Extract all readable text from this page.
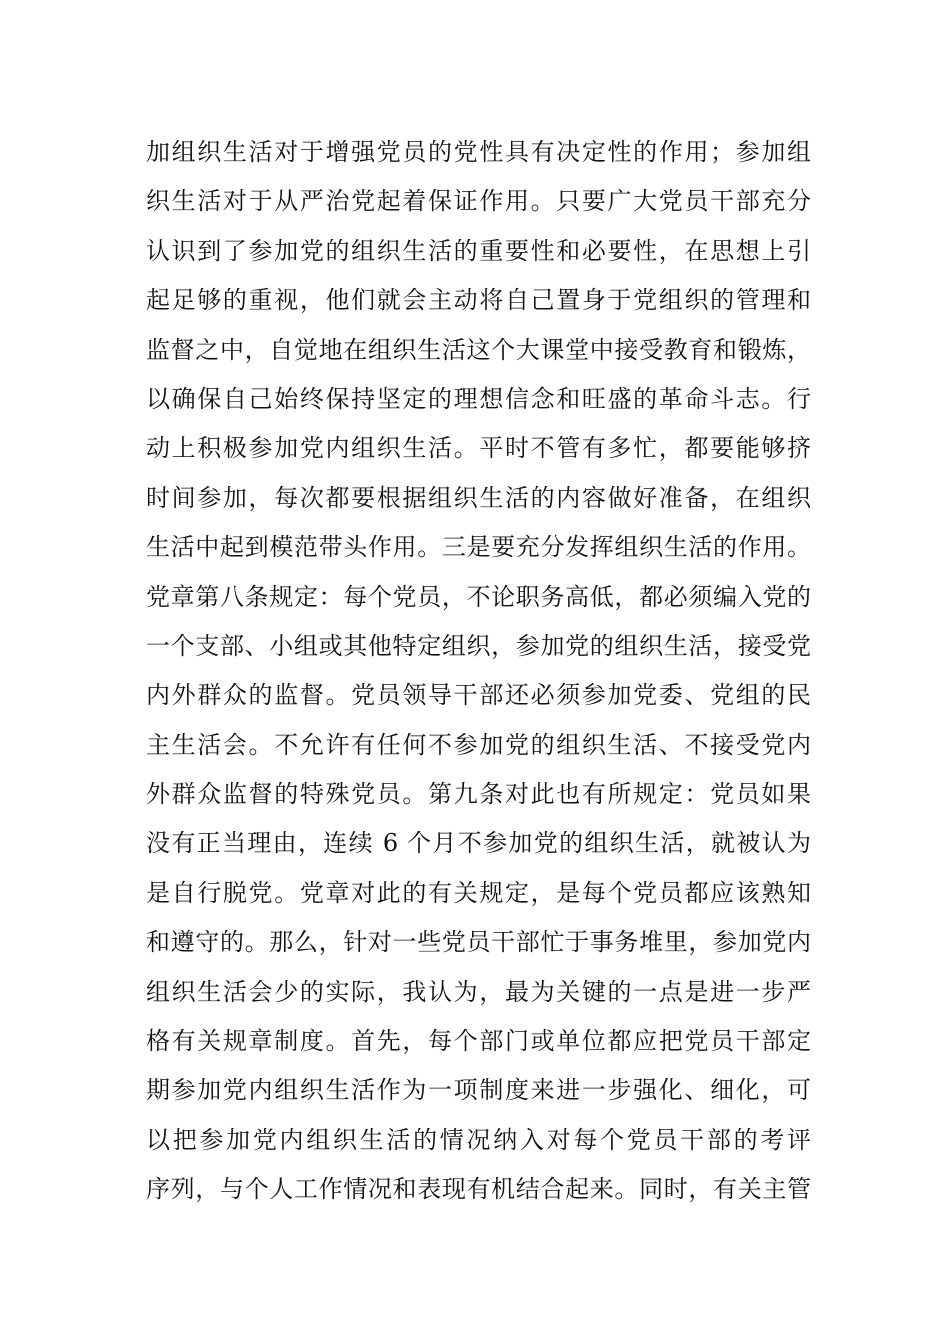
加组织生活对于增强党员的党性具有决定性的作用；参加组
织生活对于从严治党起着保证作用。只要广大党员干部充分
认识到了参加党的组织生活的重要性和必要性，在思想上引
起足够的重视，他们就会主动将自己置身于党组织的管理和
监督之中，自觉地在组织生活这个大课堂中接受教育和锻炼，
以确保自己始终保持坚定的理想信念和旺盛的革命斗志。行
动上积极参加党内组织生活。平时不管有多忙，都要能够挤
时间参加，每次都要根据组织生活的内容做好准备，在组织
生活中起到模范带头作用。三是要充分发挥组织生活的作用。
党章第八条规定：每个党员，不论职务高低，都必须编入党的
一个支部、小组或其他特定组织，参加党的组织生活，接受党
内外群众的监督。党员领导干部还必须参加党委、党组的民
主生活会。不允许有任何不参加党的组织生活、不接受党内
外群众监督的特殊党员。第九条对此也有所规定：党员如果
没有正当理由，连续 6 个月不参加党的组织生活，就被认为
是自行脱党。党章对此的有关规定，是每个党员都应该熟知
和遵守的。那么，针对一些党员干部忙于事务堆里，参加党内
组织生活会少的实际，我认为，最为关键的一点是进一步严
格有关规章制度。首先，每个部门或单位都应把党员干部定
期参加党内组织生活作为一项制度来进一步强化、细化，可
以把参加党内组织生活的情况纳入对每个党员干部的考评
序列，与个人工作情况和表现有机结合起来。同时，有关主管
